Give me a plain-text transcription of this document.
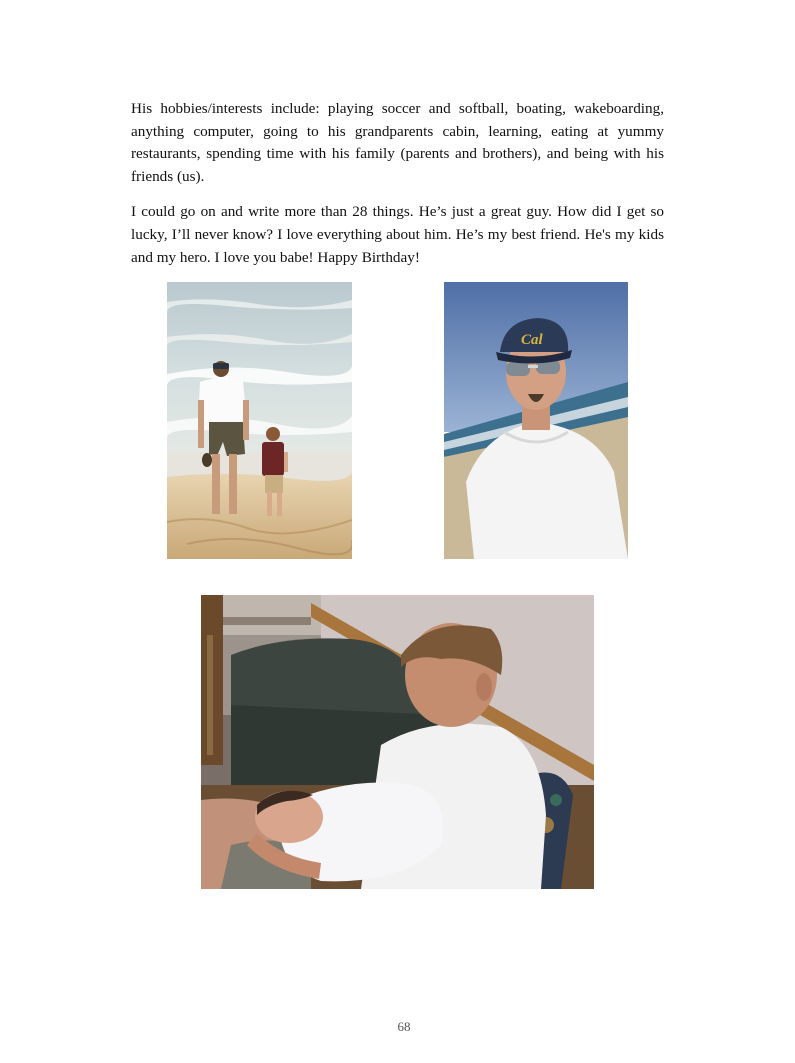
His hobbies/interests include: playing soccer and softball, boating, wakeboarding, anything computer, going to his grandparents cabin, learning, eating at yummy restaurants, spending time with his family (parents and brothers), and being with his friends (us).

I could go on and write more than 28 things. He’s just a great guy. How did I get so lucky, I’ll never know? I love everything about him. He’s my best friend. He's my kids and my hero. I love you babe! Happy Birthday!

Cal
68
